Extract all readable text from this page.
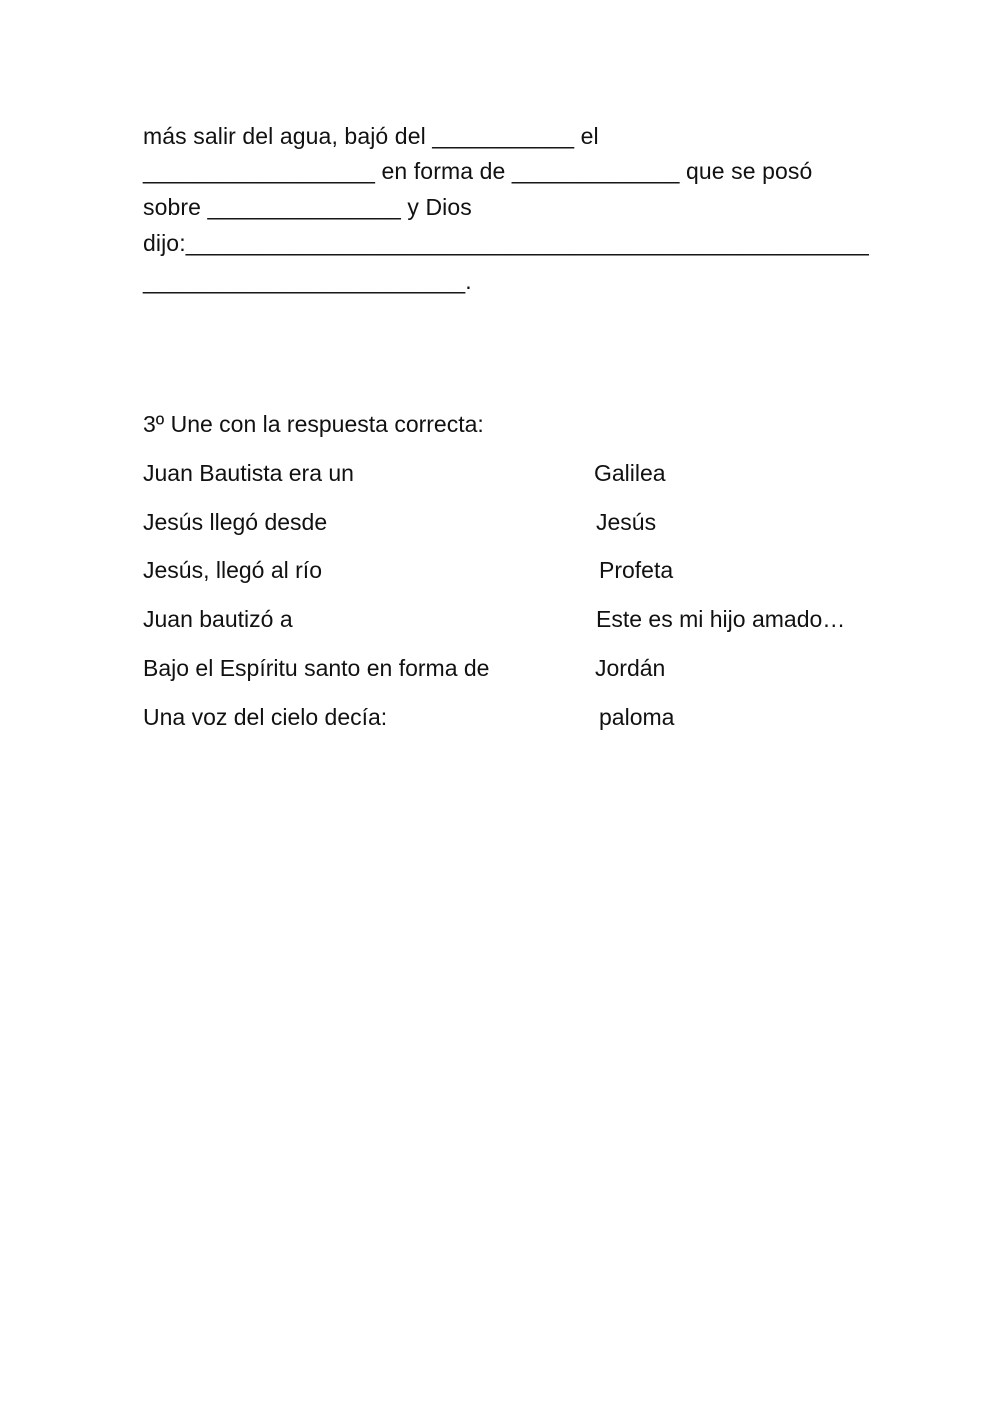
más salir del agua, bajó del ___________ el
__________________ en forma de _____________ que se posó
sobre _______________ y Dios
dijo:_____________________________________________________
_________________________.
3º Une con la respuesta correcta:
Juan Bautista era un	Galilea
Jesús llegó desde	Jesús
Jesús, llegó al río	Profeta
Juan bautizó a	Este es mi hijo amado…
Bajo el Espíritu santo en forma de	Jordán
Una voz del cielo decía:	paloma
